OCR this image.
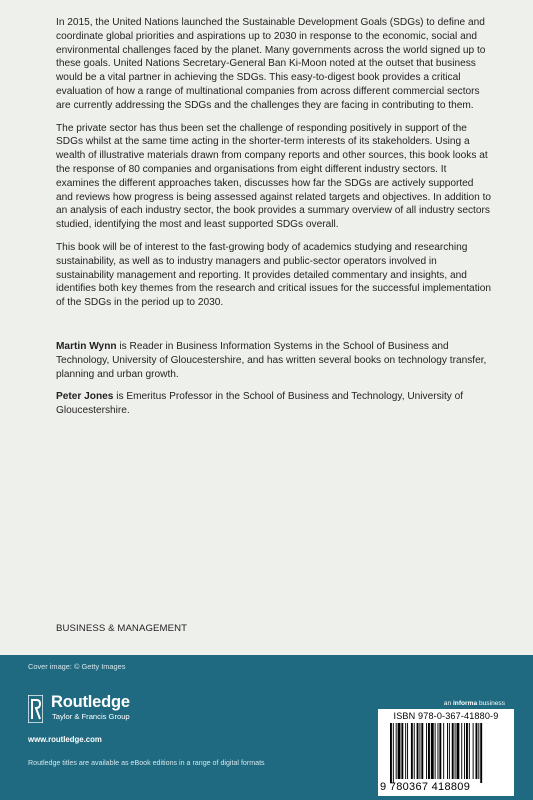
In 2015, the United Nations launched the Sustainable Development Goals (SDGs) to define and coordinate global priorities and aspirations up to 2030 in response to the economic, social and environmental challenges faced by the planet. Many governments across the world signed up to these goals. United Nations Secretary-General Ban Ki-Moon noted at the outset that business would be a vital partner in achieving the SDGs. This easy-to-digest book provides a critical evaluation of how a range of multinational companies from across different commercial sectors are currently addressing the SDGs and the challenges they are facing in contributing to them.

The private sector has thus been set the challenge of responding positively in support of the SDGs whilst at the same time acting in the shorter-term interests of its stakeholders. Using a wealth of illustrative materials drawn from company reports and other sources, this book looks at the response of 80 companies and organisations from eight different industry sectors. It examines the different approaches taken, discusses how far the SDGs are actively supported and reviews how progress is being assessed against related targets and objectives. In addition to an analysis of each industry sector, the book provides a summary overview of all industry sectors studied, identifying the most and least supported SDGs overall.

This book will be of interest to the fast-growing body of academics studying and researching sustainability, as well as to industry managers and public-sector operators involved in sustainability management and reporting. It provides detailed commentary and insights, and identifies both key themes from the research and critical issues for the successful implementation of the SDGs in the period up to 2030.

Martin Wynn is Reader in Business Information Systems in the School of Business and Technology, University of Gloucestershire, and has written several books on technology transfer, planning and urban growth.

Peter Jones is Emeritus Professor in the School of Business and Technology, University of Gloucestershire.

BUSINESS & MANAGEMENT
Cover image: © Getty Images
Routledge
Taylor & Francis Group
www.routledge.com
Routledge titles are available as eBook editions in a range of digital formats
an informa business
ISBN 978-0-367-41880-9
9 780367 418809
